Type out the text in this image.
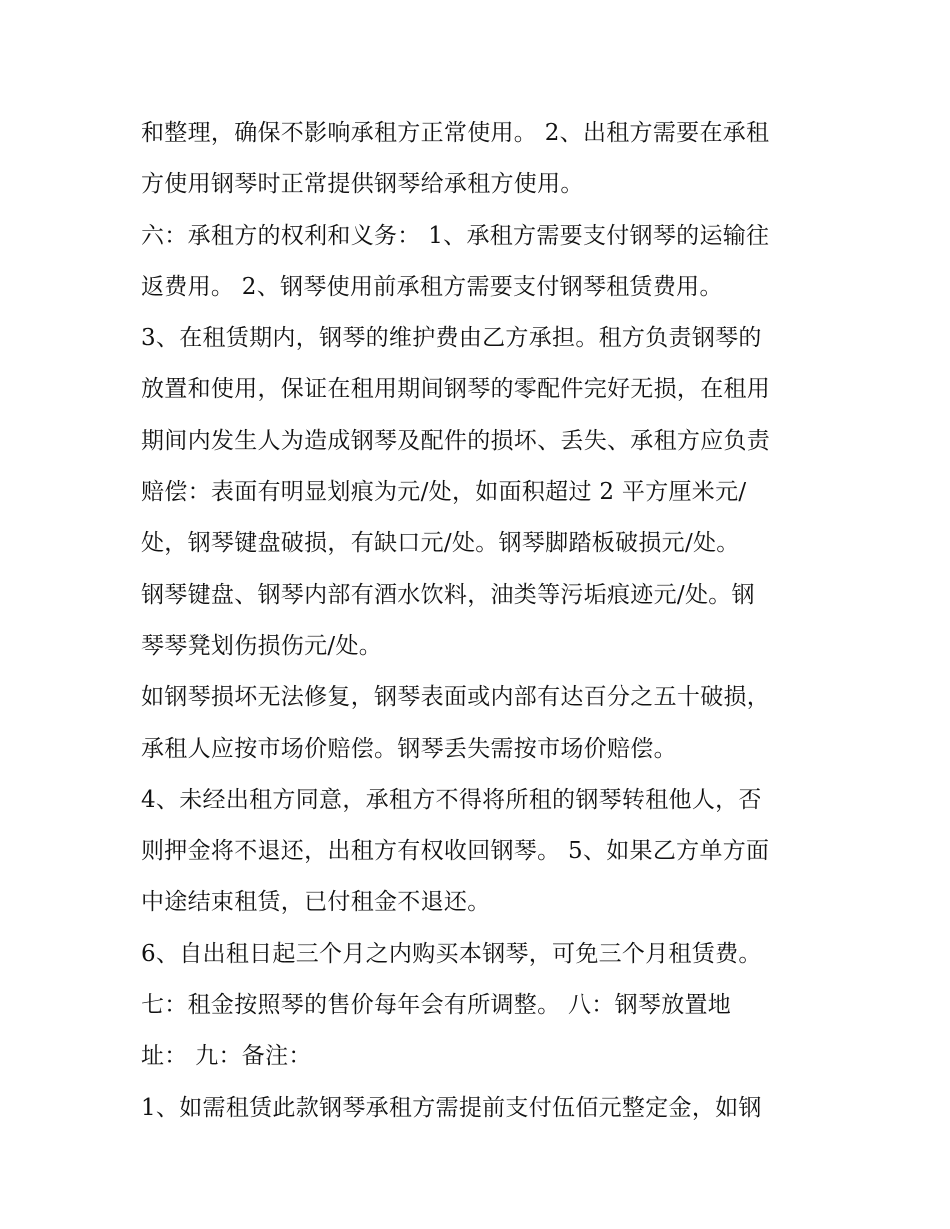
和整理，确保不影响承租方正常使用。 2、出租方需要在承租
方使用钢琴时正常提供钢琴给承租方使用。
六：承租方的权利和义务： 1、承租方需要支付钢琴的运输往
返费用。 2、钢琴使用前承租方需要支付钢琴租赁费用。
3、在租赁期内，钢琴的维护费由乙方承担。租方负责钢琴的
放置和使用，保证在租用期间钢琴的零配件完好无损，在租用
期间内发生人为造成钢琴及配件的损坏、丢失、承租方应负责
赔偿：表面有明显划痕为元/处，如面积超过 2 平方厘米元/
处，钢琴键盘破损，有缺口元/处。钢琴脚踏板破损元/处。
钢琴键盘、钢琴内部有酒水饮料，油类等污垢痕迹元/处。钢
琴琴凳划伤损伤元/处。
如钢琴损坏无法修复，钢琴表面或内部有达百分之五十破损，
承租人应按市场价赔偿。钢琴丢失需按市场价赔偿。
4、未经出租方同意，承租方不得将所租的钢琴转租他人，否
则押金将不退还，出租方有权收回钢琴。 5、如果乙方单方面
中途结束租赁，已付租金不退还。
6、自出租日起三个月之内购买本钢琴，可免三个月租赁费。
七：租金按照琴的售价每年会有所调整。 八：钢琴放置地
址： 九：备注：
1、如需租赁此款钢琴承租方需提前支付伍佰元整定金，如钢
